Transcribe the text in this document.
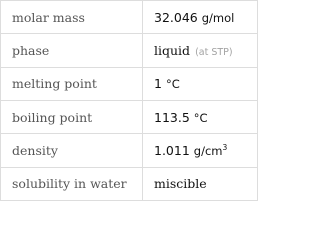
molar mass	32.046 g/mol
phase	liquid (at STP)
melting point	1 °C
boiling point	113.5 °C
density	1.011 $g/cm^3$
solubility in water	miscible
